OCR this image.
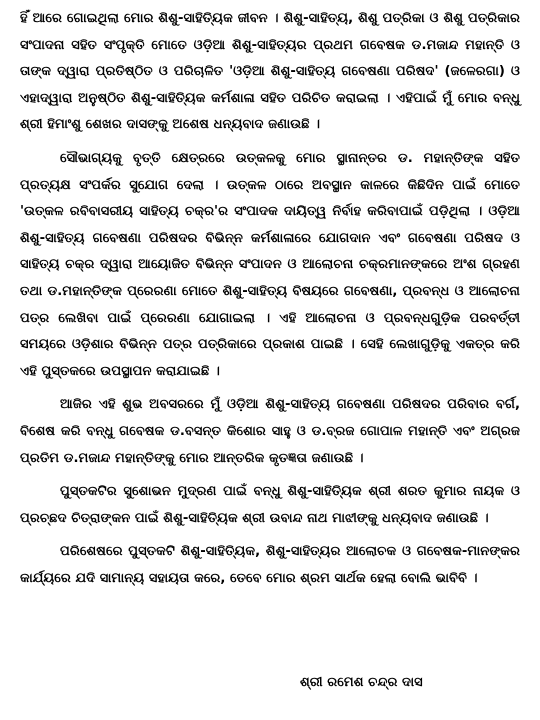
ହିଁ ଆରେ ଗୋଇଥିଲା ମୋର ଶିଶୁ-ସାହିତ୍ୟିକ ଜୀବନ । ଶିଶୁ-ସାହିତ୍ୟ, ଶିଶୁ ପତ୍ରିକା ଓ ଶିଶୁ ପତ୍ରିକାର ସଂପାଦନା ସହିତ ସଂପୃକ୍ତି ମୋତେ ଓଡ଼ିଆ ଶିଶୁ-ସାହିତ୍ୟର ପ୍ରଥମ ଗବେଷକ ଡ.ମଜାନ୍ଦ ମହାନ୍ତି ଓ ତାଙ୍କ ଦ୍ୱାରା ପ୍ରତିଷ୍ଠିତ ଓ ପରିଚାଳିତ 'ଓଡ଼ିଆ ଶିଶୁ-ସାହିତ୍ୟ ଗବେଷଣା ପରିଷଦ' (ଜଳେରଗା) ଓ ଏହାଦ୍ୱାରା ଅନୁଷ୍ଠିତ ଶିଶୁ-ସାହିତ୍ୟିକ କର୍ମଶାଳା ସହିତ ପରିଚିତ କରାଇଲା । ଏହିପାଇଁ ମୁଁ ମୋର ବନ୍ଧୁ ଶ୍ରୀ ହିମାଂଶୁ ଶେଖର ଦାସଙ୍କୁ ଅଶେଷ ଧନ୍ୟବାଦ ଜଣାଉଛି ।

ସୌଭାଗ୍ୟକୁ ବୃତ୍ତି କ୍ଷେତ୍ରରେ ଉତ୍କଳକୁ ମୋର ସ୍ଥାନାନ୍ତର ଡ. ମହାନ୍ତିଙ୍କ ସହିତ ପ୍ରତ୍ୟକ୍ଷ ସଂପର୍କର ସୁଯୋଗ ଦେଲା । ଉତ୍କଳ ଠାରେ ଅବସ୍ଥାନ କାଳରେ କିଛିଦିନ ପାଇଁ ମୋତେ 'ଉତ୍କଳ ରବିବାସରୀୟ ସାହିତ୍ୟ ଚକ୍ର'ର ସଂପାଦକ ଦାୟିତ୍ୱ ନିର୍ବାହ କରିବାପାଇଁ ପଡ଼ିଥିଲା । ଓଡ଼ିଆ ଶିଶୁ-ସାହିତ୍ୟ ଗବେଷଣା ପରିଷଦର ବିଭିନ୍ନ କର୍ମଶାଳାରେ ଯୋଗଦାନ ଏବଂ ଗବେଷଣା ପରିଷଦ ଓ ସାହିତ୍ୟ ଚକ୍ର ଦ୍ୱାରା ଆୟୋଜିତ ବିଭିନ୍ନ ସଂପାଦନ ଓ ଆଲୋଚନା ଚକ୍ରମାନଙ୍କରେ ଅଂଶ ଗ୍ରହଣ ତଥା ଡ.ମହାନ୍ତିଙ୍କ ପ୍ରେରଣା ମୋତେ ଶିଶୁ-ସାହିତ୍ୟ ବିଷୟରେ ଗବେଷଣା, ପ୍ରବନ୍ଧ ଓ ଆଲୋଚନା ପତ୍ର ଲେଖିବା ପାଇଁ ପ୍ରେରଣା ଯୋଗାଇଲା । ଏହି ଆଲୋଚନା ଓ ପ୍ରବନ୍ଧଗୁଡ଼ିକ ପରବର୍ତ୍ତୀ ସମୟରେ ଓଡ଼ିଶାର ବିଭିନ୍ନ ପତ୍ର ପତ୍ରିକାରେ ପ୍ରକାଶ ପାଇଛି । ସେହି ଲେଖାଗୁଡ଼ିକୁ ଏକତ୍ର କରି ଏହି ପୁସ୍ତକରେ ଉପସ୍ଥାପନ କରାଯାଇଛି ।

ଆଜିର ଏହି ଶୁଭ ଅବସରରେ ମୁଁ ଓଡ଼ିଆ ଶିଶୁ-ସାହିତ୍ୟ ଗବେଷଣା ପରିଷଦର ପରିବାର ବର୍ଗ, ବିଶେଷ କରି ବନ୍ଧୁ ଗବେଷକ ଡ.ବସନ୍ତ କିଶୋର ସାହୁ ଓ ଡ.ବ୍ରଜ ଗୋପାଳ ମହାନ୍ତି ଏବଂ ଅଗ୍ରଜ ପ୍ରତିମ ଡ.ମଜାନ୍ଦ ମହାନ୍ତିଙ୍କୁ ମୋର ଆନ୍ତରିକ କୃତଜ୍ଞତା ଜଣାଉଛି ।

ପୁସ୍ତକଟିର ସୁଶୋଭନ ମୁଦ୍ରଣ ପାଇଁ ବନ୍ଧୁ ଶିଶୁ-ସାହିତ୍ୟିକ ଶ୍ରୀ ଶରତ କୁମାର ନାୟକ ଓ ପ୍ରଚ୍ଛଦ ଚିତ୍ରାଙ୍କନ ପାଇଁ ଶିଶୁ-ସାହିତ୍ୟିକ ଶ୍ରୀ ଉବାନ୍ଦ ନାଥ ମାଝୀଙ୍କୁ ଧନ୍ୟବାଦ ଜଣାଉଛି ।

ପରିଶେଷରେ ପୁସ୍ତକଟି ଶିଶୁ-ସାହିତ୍ୟିକ, ଶିଶୁ-ସାହିତ୍ୟର ଆଲୋଚକ ଓ ଗବେଷକ-ମାନଙ୍କର କାର୍ଯ୍ୟରେ ଯଦି ସାମାନ୍ୟ ସହାୟତା କରେ, ତେବେ ମୋର ଶ୍ରମ ସାର୍ଥକ ହେଲା ବୋଲି ଭାବିବି ।

ଶ୍ରୀ ରମେଶ ଚନ୍ଦ୍ର ଦାସ
